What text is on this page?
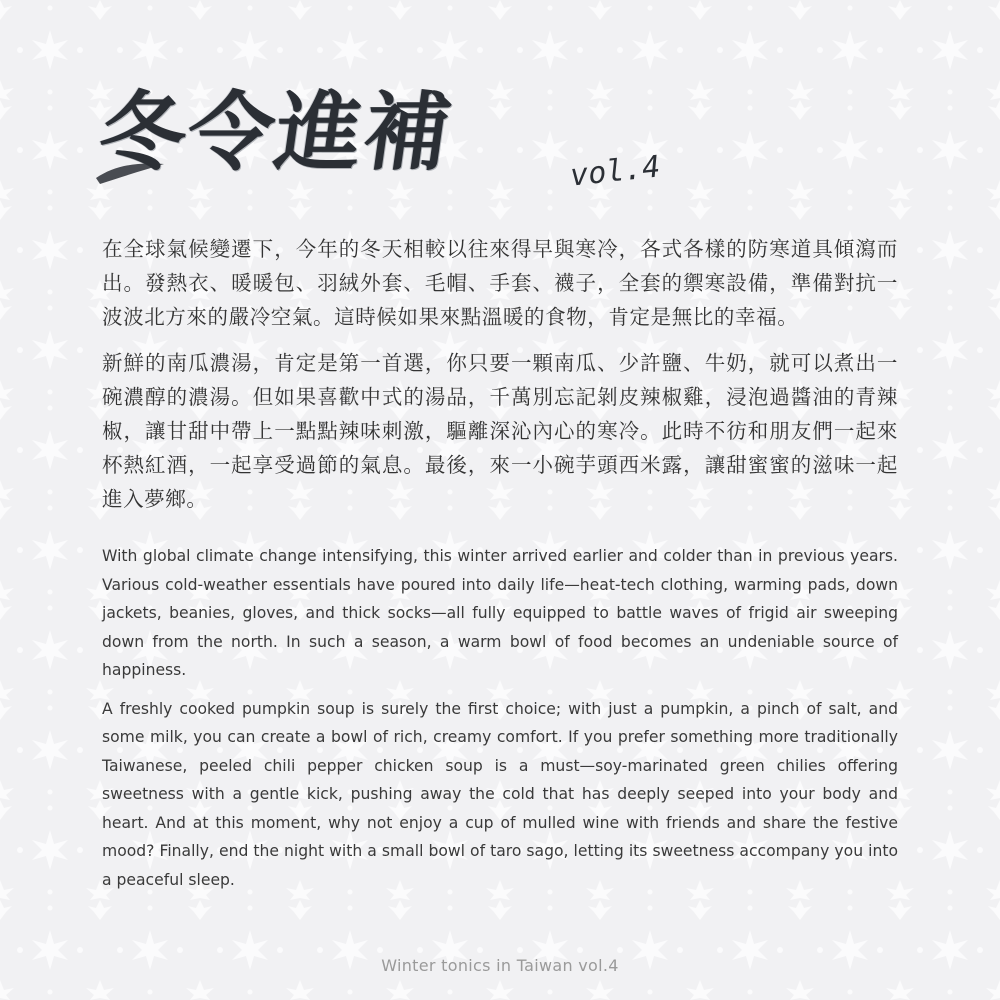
冬令進補	vol.4

在全球氣候變遷下，今年的冬天相較以往來得早與寒冷，各式各樣的防寒道具傾瀉而出。發熱衣、暖暖包、羽絨外套、毛帽、手套、襪子，全套的禦寒設備，準備對抗一波波北方來的嚴冷空氣。這時候如果來點溫暖的食物，肯定是無比的幸福。

新鮮的南瓜濃湯，肯定是第一首選，你只要一顆南瓜、少許鹽、牛奶，就可以煮出一碗濃醇的濃湯。但如果喜歡中式的湯品，千萬別忘記剝皮辣椒雞，浸泡過醬油的青辣椒，讓甘甜中帶上一點點辣味刺激，驅離深沁內心的寒冷。此時不彷和朋友們一起來杯熱紅酒，一起享受過節的氣息。最後，來一小碗芋頭西米露，讓甜蜜蜜的滋味一起進入夢鄉。

With global climate change intensifying, this winter arrived earlier and colder than in previous years. Various cold-weather essentials have poured into daily life—heat-tech clothing, warming pads, down jackets, beanies, gloves, and thick socks—all fully equipped to battle waves of frigid air sweeping down from the north. In such a season, a warm bowl of food becomes an undeniable source of happiness.

A freshly cooked pumpkin soup is surely the first choice; with just a pumpkin, a pinch of salt, and some milk, you can create a bowl of rich, creamy comfort. If you prefer something more traditionally Taiwanese, peeled chili pepper chicken soup is a must—soy-marinated green chilies offering sweetness with a gentle kick, pushing away the cold that has deeply seeped into your body and heart. And at this moment, why not enjoy a cup of mulled wine with friends and share the festive mood? Finally, end the night with a small bowl of taro sago, letting its sweetness accompany you into a peaceful sleep.

Winter tonics in Taiwan vol.4
